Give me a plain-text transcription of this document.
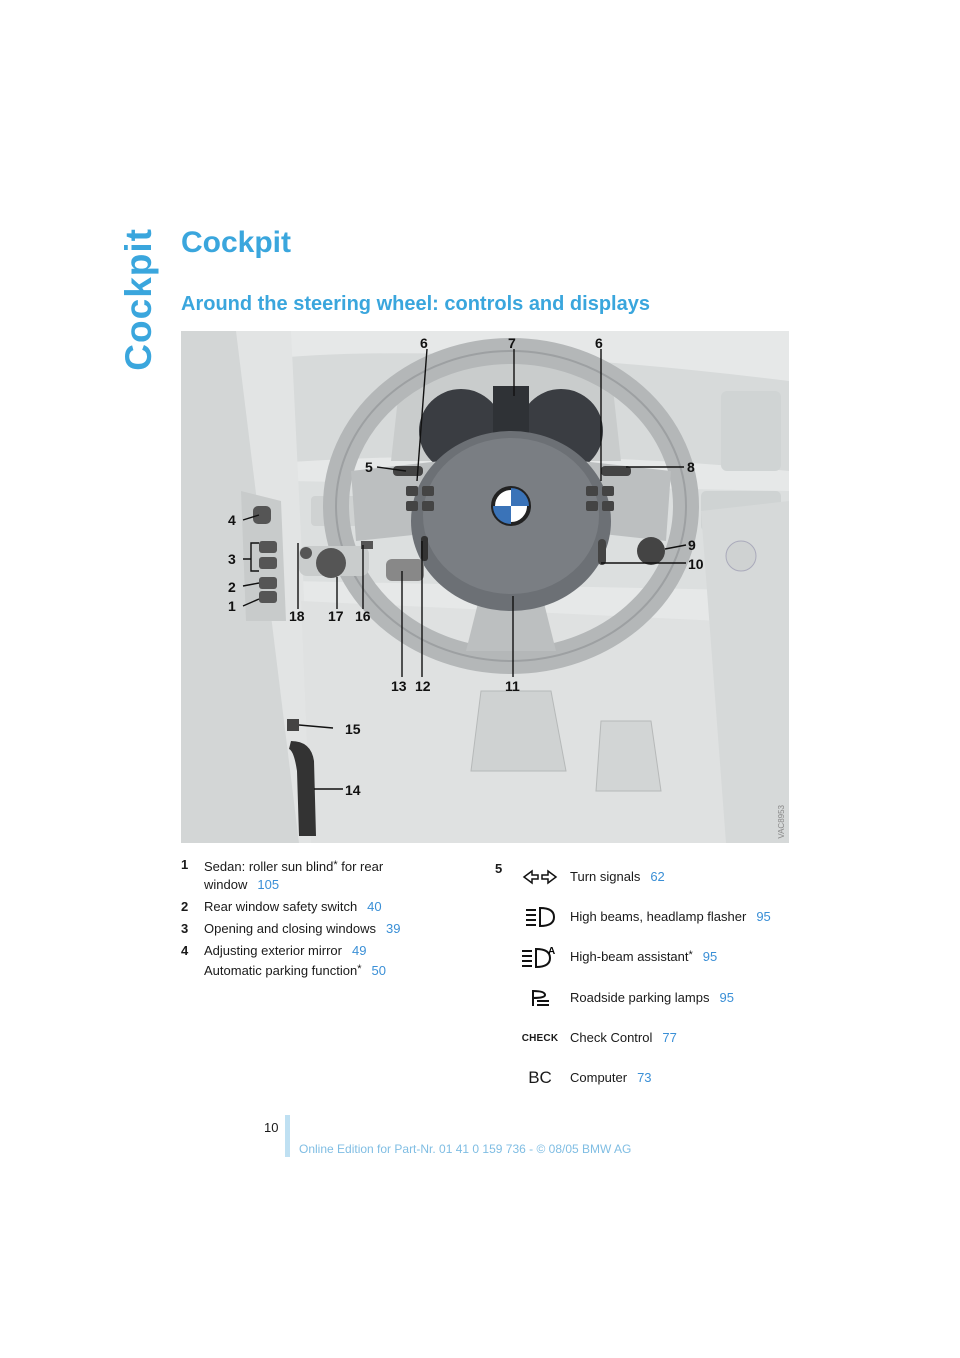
Cockpit Cockpit
Around the steering wheel: controls and displays
6	7	6
5	8
4
3
9
10
2
1
18 17 16
13 12	11
15
14
VAC8953
1 Sedan: roller sun blind* for rear window 105
2 Rear window safety switch 40
3 Opening and closing windows 39
4 Adjusting exterior mirror 49
Automatic parking function* 50
5
Turn signals 62
High beams, headlamp flasher 95
A High-beam assistant* 95
Roadside parking lamps 95
CHECK Check Control 77
BC	Computer 73
10
Online Edition for Part-Nr. 01 41 0 159 736 - © 08/05 BMW AG
